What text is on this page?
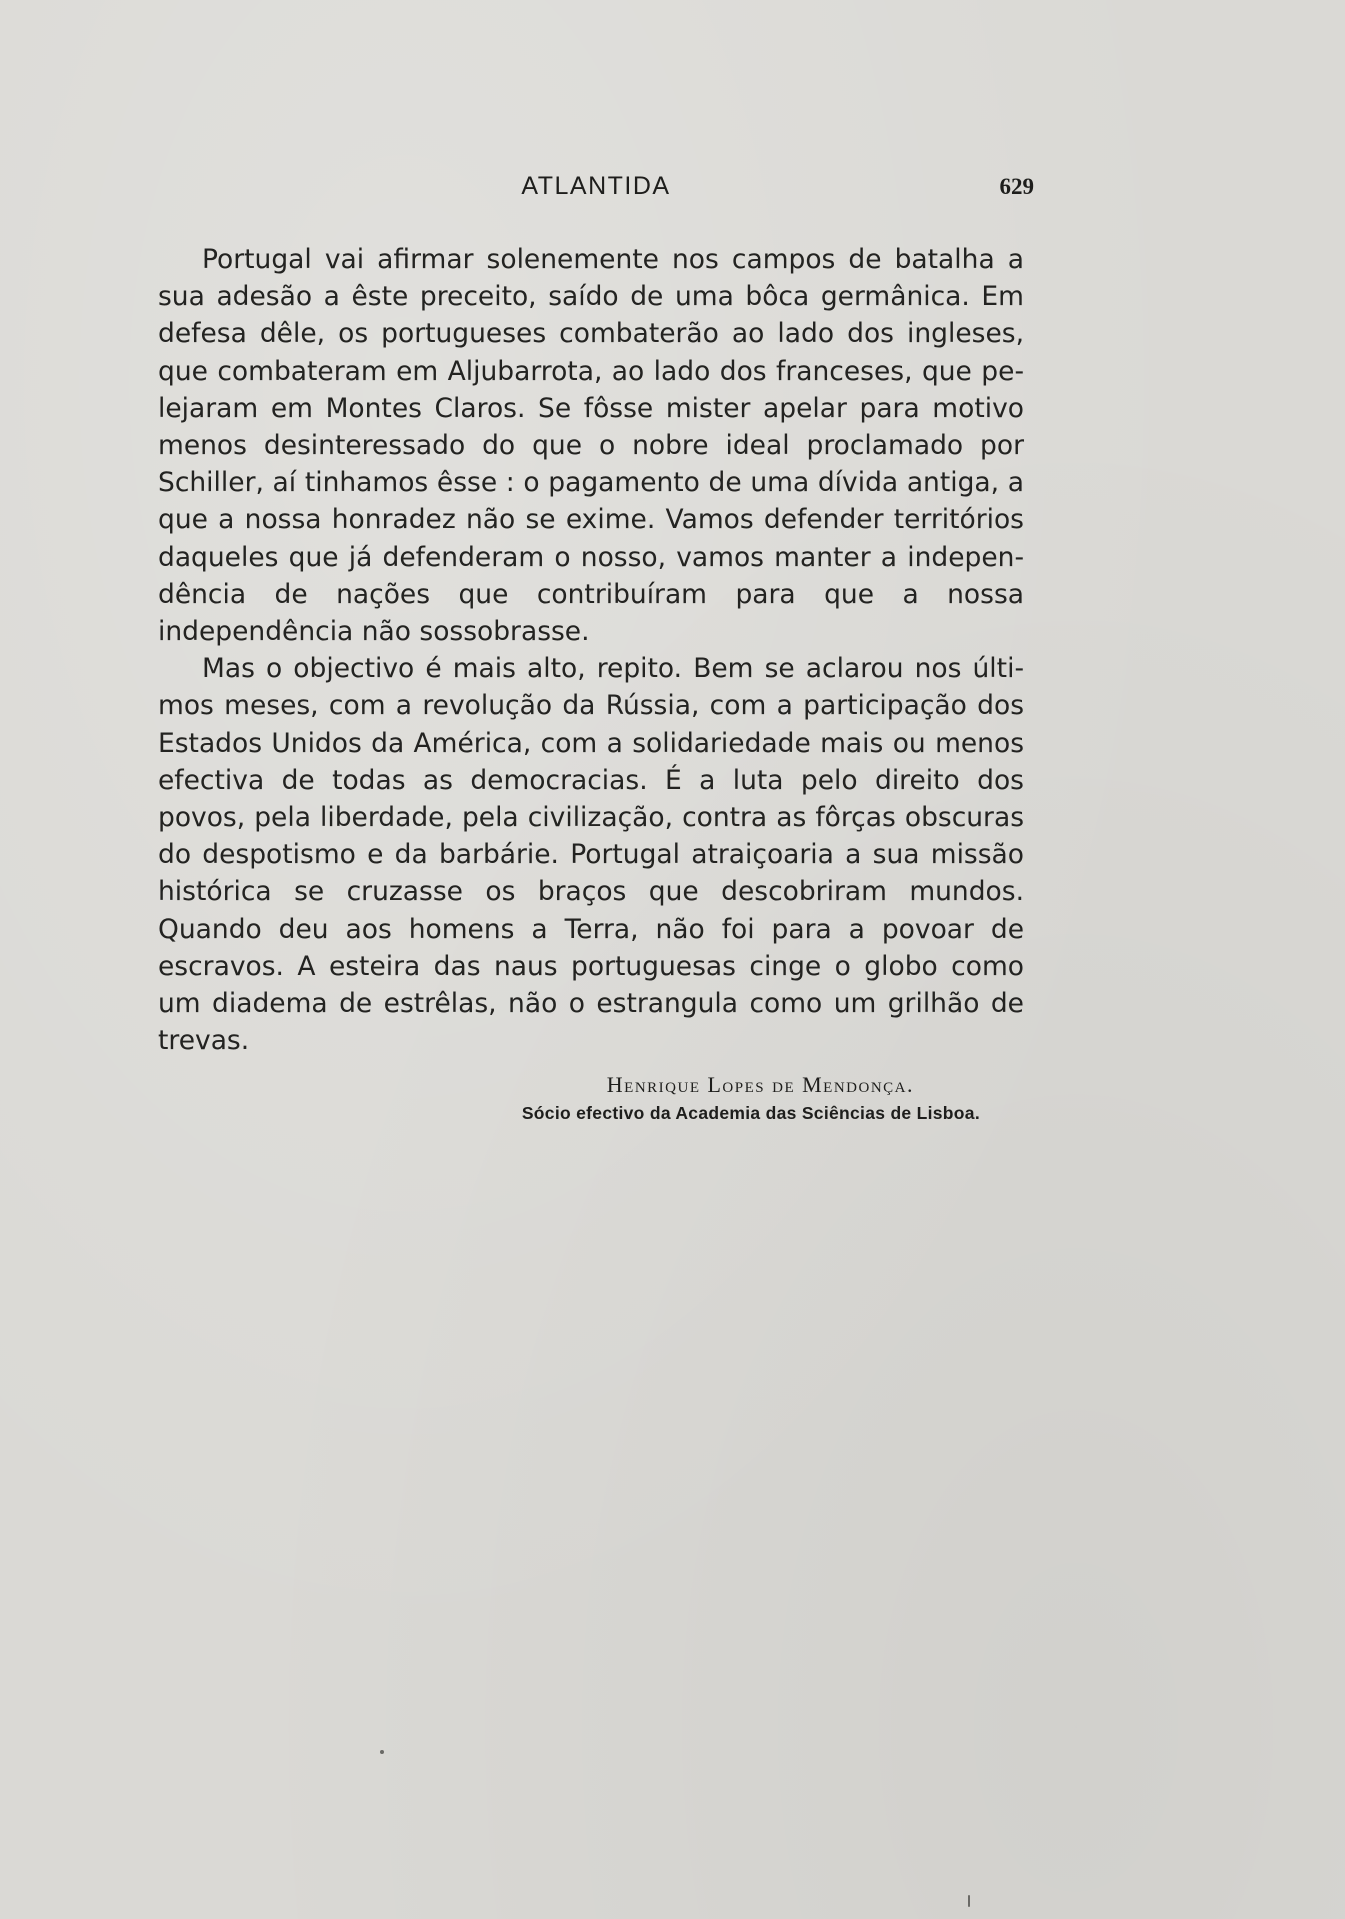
ATLANTIDA	629

Portugal vai afirmar solenemente nos campos de batalha a sua adesão a êste preceito, saído de uma bôca germânica. Em defesa dêle, os portugueses combaterão ao lado dos ingleses, que combateram em Aljubarrota, ao lado dos franceses, que pelejaram em Montes Claros. Se fôsse mister apelar para motivo menos desinteressado do que o nobre ideal proclamado por Schiller, aí tinhamos êsse : o pagamento de uma dívida antiga, a que a nossa honradez não se exime. Vamos defender territórios daqueles que já defenderam o nosso, vamos manter a independência de nações que contribuíram para que a nossa independência não sossobrasse.

Mas o objectivo é mais alto, repito. Bem se aclarou nos últimos meses, com a revolução da Rússia, com a participação dos Estados Unidos da América, com a solidariedade mais ou menos efectiva de todas as democracias. É a luta pelo direito dos povos, pela liberdade, pela civilização, contra as fôrças obscuras do despotismo e da barbárie. Portugal atraiçoaria a sua missão histórica se cruzasse os braços que descobriram mundos. Quando deu aos homens a Terra, não foi para a povoar de escravos. A esteira das naus portuguesas cinge o globo como um diadema de estrêlas, não o estrangula como um grilhão de trevas.

Henrique Lopes de Mendonça.
Sócio efectivo da Academia das Sciências de Lisboa.
